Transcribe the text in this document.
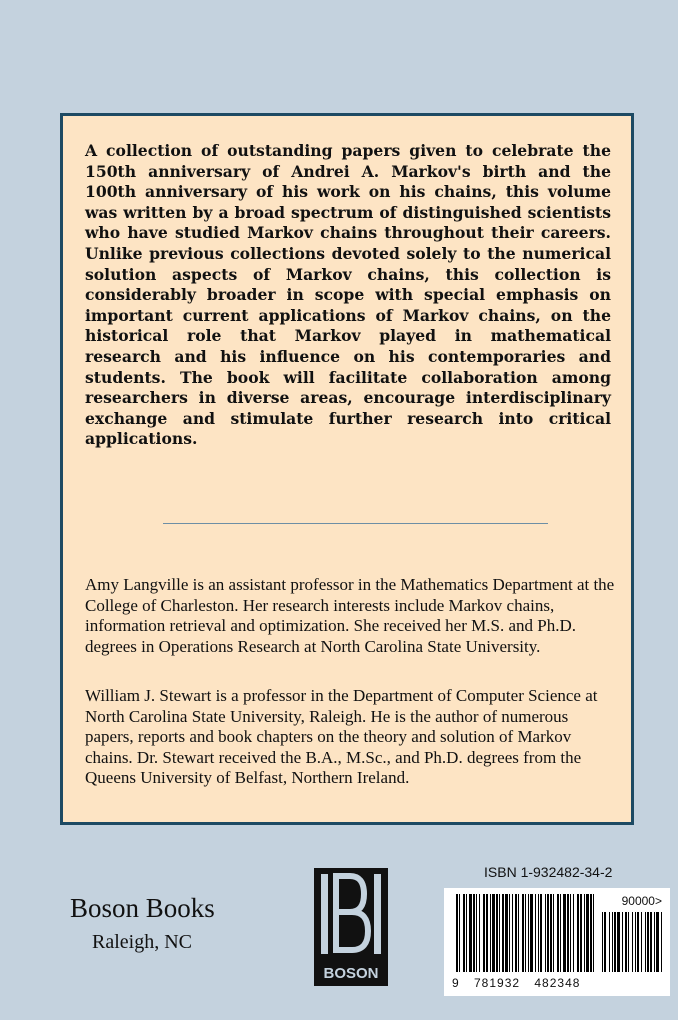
A collection of outstanding papers given to celebrate the 150th anniversary of Andrei A. Markov's birth and the 100th anniversary of his work on his chains, this volume was written by a broad spectrum of distinguished scientists who have studied Markov chains throughout their careers. Unlike previous collections devoted solely to the numerical solution aspects of Markov chains, this collection is considerably broader in scope with special emphasis on important current applications of Markov chains, on the historical role that Markov played in mathematical research and his influence on his contemporaries and students. The book will facilitate collaboration among researchers in diverse areas, encourage interdisciplinary exchange and stimulate further research into critical applications.

Amy Langville is an assistant professor in the Mathematics Department at the College of Charleston. Her research interests include Markov chains, information retrieval and optimization. She received her M.S. and Ph.D. degrees in Operations Research at North Carolina State University.

William J. Stewart is a professor in the Department of Computer Science at North Carolina State University, Raleigh. He is the author of numerous papers, reports and book chapters on the theory and solution of Markov chains. Dr. Stewart received the B.A., M.Sc., and Ph.D. degrees from the Queens University of Belfast, Northern Ireland.

Boson Books

Raleigh, NC

BOSON

ISBN 1-932482-34-2

90000>
9 781932 482348
